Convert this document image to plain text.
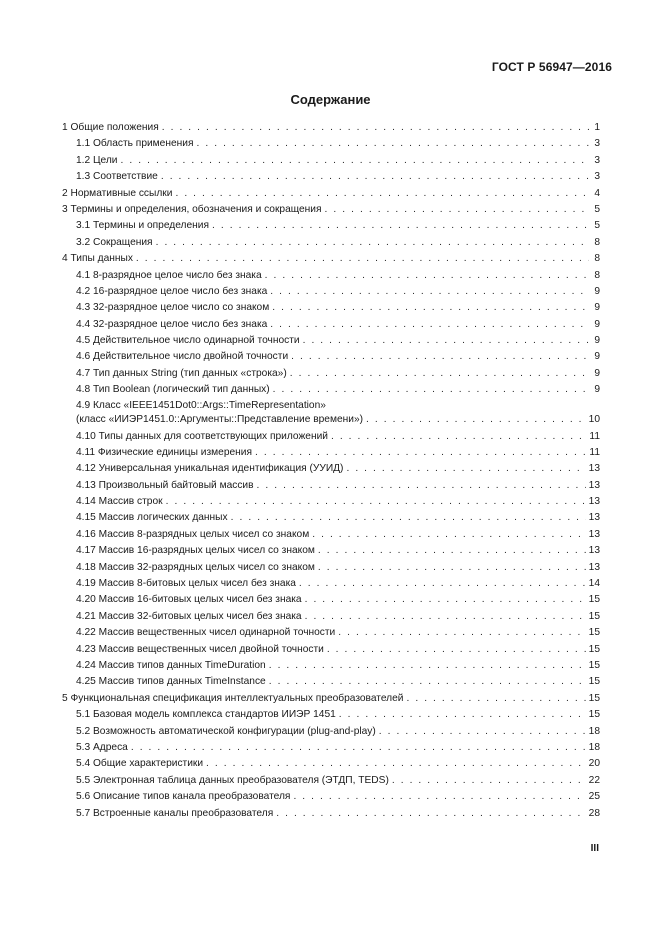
ГОСТ Р 56947—2016
Содержание
1 Общие положения . . .	1
1.1 Область применения . . .	3
1.2 Цели . . .	3
1.3 Соответствие . . .	3
2 Нормативные ссылки . . .	4
3 Термины и определения, обозначения и сокращения . . .	5
3.1 Термины и определения . . .	5
3.2 Сокращения . . .	8
4 Типы данных . . .	8
4.1 8-разрядное целое число без знака . . .	8
4.2 16-разрядное целое число без знака . . .	9
4.3 32-разрядное целое число со знаком . . .	9
4.4 32-разрядное целое число без знака . . .	9
4.5 Действительное число одинарной точности . . .	9
4.6 Действительное число двойной точности . . .	9
4.7 Тип данных String (тип данных «строка») . . .	9
4.8 Тип Boolean (логический тип данных) . . .	9
4.9 Класс «IEEE1451Dot0::Args::TimeRepresentation»
(класс «ИИЭР1451.0::Аргументы::Представление времени») . . .	10
4.10 Типы данных для соответствующих приложений . . .	11
4.11 Физические единицы измерения . . .	11
4.12 Универсальная уникальная идентификация (УУИД) . . .	13
4.13 Произвольный байтовый массив . . .	13
4.14 Массив строк . . .	13
4.15 Массив логических данных . . .	13
4.16 Массив 8-разрядных целых чисел со знаком . . .	13
4.17 Массив 16-разрядных целых чисел со знаком . . .	13
4.18 Массив 32-разрядных целых чисел со знаком . . .	13
4.19 Массив 8-битовых целых чисел без знака . . .	14
4.20 Массив 16-битовых целых чисел без знака . . .	15
4.21 Массив 32-битовых целых чисел без знака . . .	15
4.22 Массив вещественных чисел одинарной точности . . .	15
4.23 Массив вещественных чисел двойной точности . . .	15
4.24 Массив типов данных TimeDuration . . .	15
4.25 Массив типов данных TimeInstance . . .	15
5 Функциональная спецификация интеллектуальных преобразователей . . .	15
5.1 Базовая модель комплекса стандартов ИИЭР 1451 . . .	15
5.2 Возможность автоматической конфигурации (plug-and-play) . . .	18
5.3 Адреса . . .	18
5.4 Общие характеристики . . .	20
5.5 Электронная таблица данных преобразователя (ЭТДП, TEDS) . . .	22
5.6 Описание типов канала преобразователя . . .	25
5.7 Встроенные каналы преобразователя . . .	28
III
